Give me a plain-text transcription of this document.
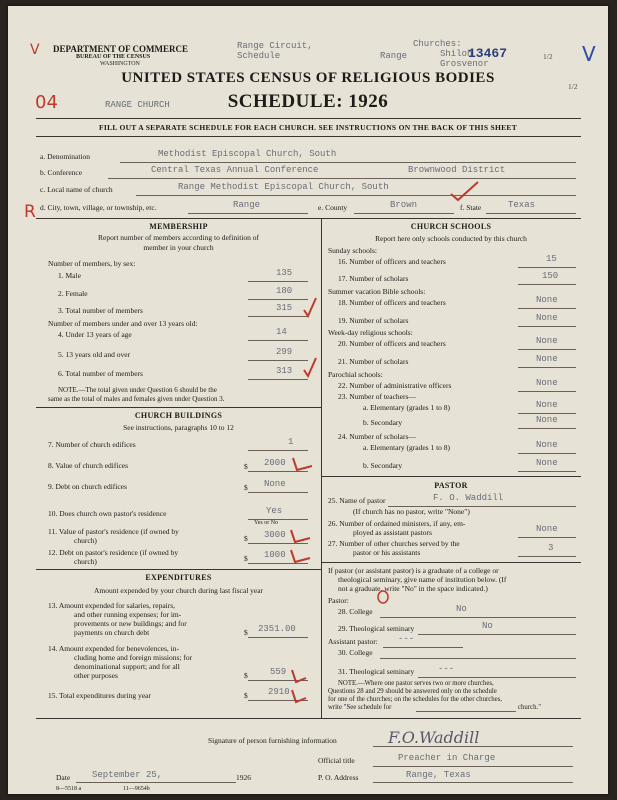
V DEPARTMENT OF COMMERCE
BUREAU OF THE CENSUS
WASHINGTON
Range Circuit,
Schedule	Range
Churches:
Shiloh
Grosvenor
13467	V
1/2
1/2
UNITED STATES CENSUS OF RELIGIOUS BODIES
04	RANGE CHURCH	SCHEDULE: 1926
FILL OUT A SEPARATE SCHEDULE FOR EACH CHURCH. SEE INSTRUCTIONS ON THE BACK OF THIS SHEET
a. Denomination	Methodist Episcopal Church, South
b. Conference	Central Texas Annual Conference	Brownwood District
c. Local name of church	Range Methodist Episcopal Church, South
R d. City, town, village, or township, etc.	Range	e. County	Brown	f. State	Texas
MEMBERSHIP
Report number of members according to definition of
member in your church
Number of members, by sex:
1. Male	135
2. Female	180
3. Total number of members	315
Number of members under and over 13 years old:
4. Under 13 years of age	14
5. 13 years old and over	299
6. Total number of members	313
NOTE.—The total given under Question 6 should be the
same as the total of males and females given under Question 3.
CHURCH BUILDINGS
See instructions, paragraphs 10 to 12
7. Number of church edifices	1
8. Value of church edifices	$ 2000
9. Debt on church edifices	$ None
10. Does church own pastor's residence	Yes
Yes or No
11. Value of pastor's residence (if owned by
church)	$ 3000
12. Debt on pastor's residence (if owned by
church)	$ 1000
EXPENDITURES
Amount expended by your church during last fiscal year
13. Amount expended for salaries, repairs,
and other running expenses; for im-
provements or new buildings; and for
payments on church debt	$ 2351.00
14. Amount expended for benevolences, in-
cluding home and foreign missions; for
denominational support; and for all
other purposes	$ 559
15. Total expenditures during year	$ 2910
CHURCH SCHOOLS
Report here only schools conducted by this church
Sunday schools:
16. Number of officers and teachers	15
17. Number of scholars	150
Summer vacation Bible schools:
18. Number of officers and teachers	None
19. Number of scholars	None
Week-day religious schools:
20. Number of officers and teachers	None
21. Number of scholars	None
Parochial schools:
22. Number of administrative officers	None
23. Number of teachers—
a. Elementary (grades 1 to 8)	None
b. Secondary	None
24. Number of scholars—
a. Elementary (grades 1 to 8)	None
b. Secondary	None
PASTOR
25. Name of pastor	F. O. Waddill
(If church has no pastor, write "None")
26. Number of ordained ministers, if any, em-
ployed as assistant pastors	None
27. Number of other churches served by the
pastor or his assistants	3
If pastor (or assistant pastor) is a graduate of a college or
theological seminary, give name of institution below. (If
not a graduate, write "No" in the space indicated.)
Pastor:
28. College	No
29. Theological seminary	No
Assistant pastor: ---
30. College
31. Theological seminary	---
NOTE.—Where one pastor serves two or more churches,
Questions 28 and 29 should be answered only on the schedule
for one of the churches; on the schedules for the other churches,
write "See schedule for	church."
Signature of person furnishing information	F.O.Waddill
Official title	Preacher in Charge
Date September 25,	1926	P. O. Address	Range, Texas
8—5518 a	11—9654b
